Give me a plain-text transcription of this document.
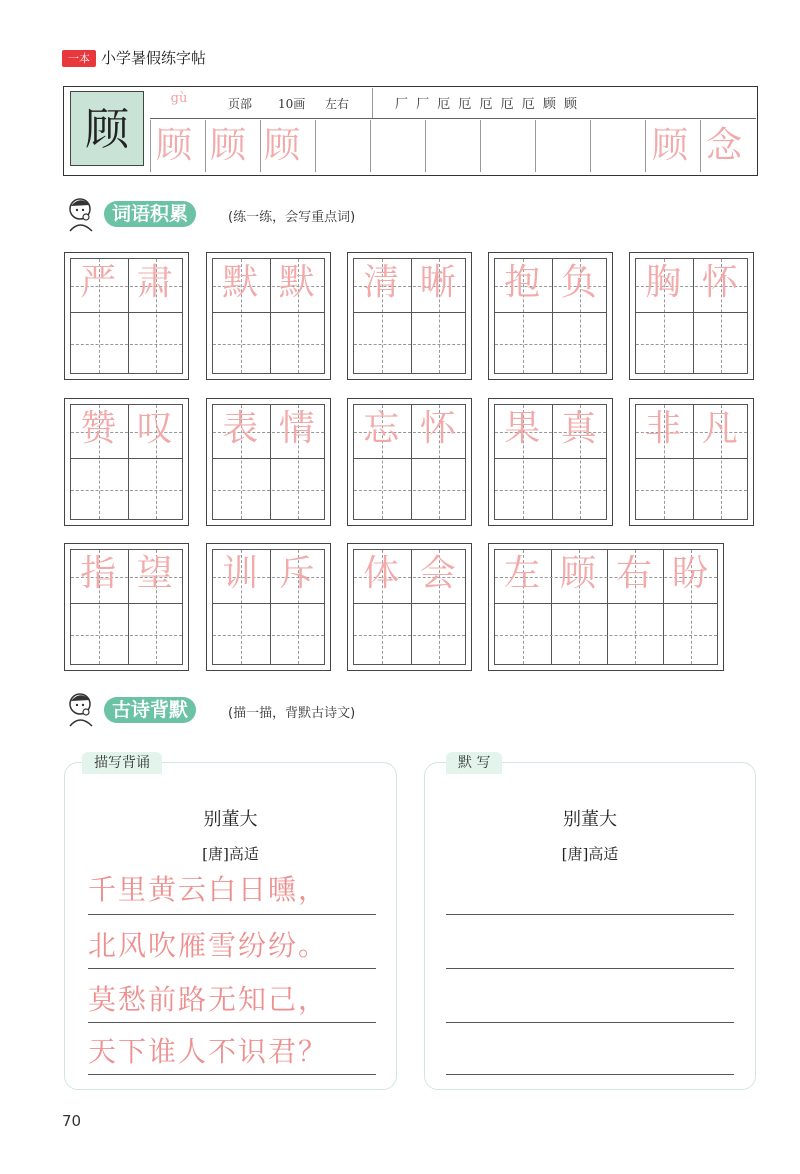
一本 小学暑假练字帖
顾
gù	页部 10画 左右	厂 厂 厄 厄 厄 厄 厄 顾 顾
顾 顾 顾	顾 念
词语积累	(练一练，会写重点词)
严 肃 默 默 清 晰 抱 负 胸 怀
赞 叹 表 情 忘 怀 果 真 非 凡
指 望 训 斥 体 会 左 顾 右 盼
古诗背默	(描一描，背默古诗文)
别董大
[唐]高适
描写背诵
千里黄云白日曛，
北风吹雁雪纷纷。
莫愁前路无知己，
天下谁人不识君？
别董大
[唐]高适
默 写
70
